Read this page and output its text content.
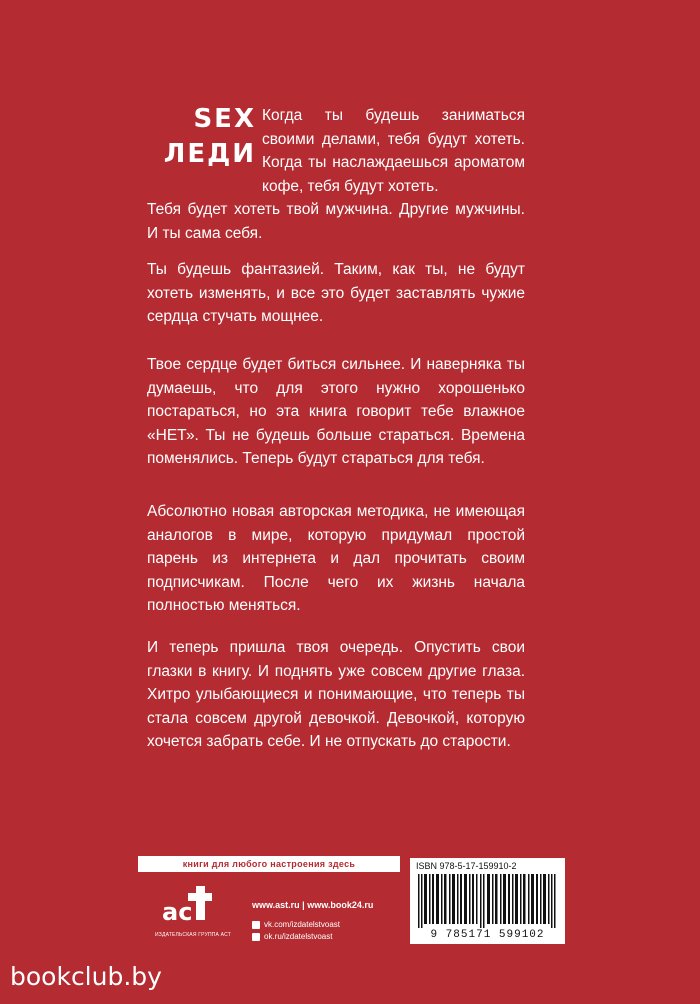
SEX
ЛЕДИ

Когда ты будешь заниматься своими делами, тебя будут хотеть. Когда ты наслаждаешься ароматом кофе, тебя будут хотеть.

Тебя будет хотеть твой мужчина. Другие мужчины. И ты сама себя.

Ты будешь фантазией. Таким, как ты, не будут хотеть изменять, и все это будет заставлять чужие сердца стучать мощнее.

Твое сердце будет биться сильнее. И наверняка ты думаешь, что для этого нужно хорошенько постараться, но эта книга говорит тебе влажное «НЕТ». Ты не будешь больше стараться. Времена поменялись. Теперь будут стараться для тебя.

Абсолютно новая авторская методика, не имеющая аналогов в мире, которую придумал простой парень из интернета и дал прочитать своим подписчикам. После чего их жизнь начала полностью меняться.

И теперь пришла твоя очередь. Опустить свои глазки в книгу. И поднять уже совсем другие глаза. Хитро улыбающиеся и понимающие, что теперь ты стала совсем другой девочкой. Девочкой, которую хочется забрать себе. И не отпускать до старости.

книги для любого настроения здесь	ISBN 978-5-17-159910-2
9 785171 599102
ac
ИЗДАТЕЛЬСКАЯ ГРУППА АСТ
www.ast.ru | www.book24.ru
vk.com/izdatelstvoast
ok.ru/izdatelstvoast
bookclub.by
